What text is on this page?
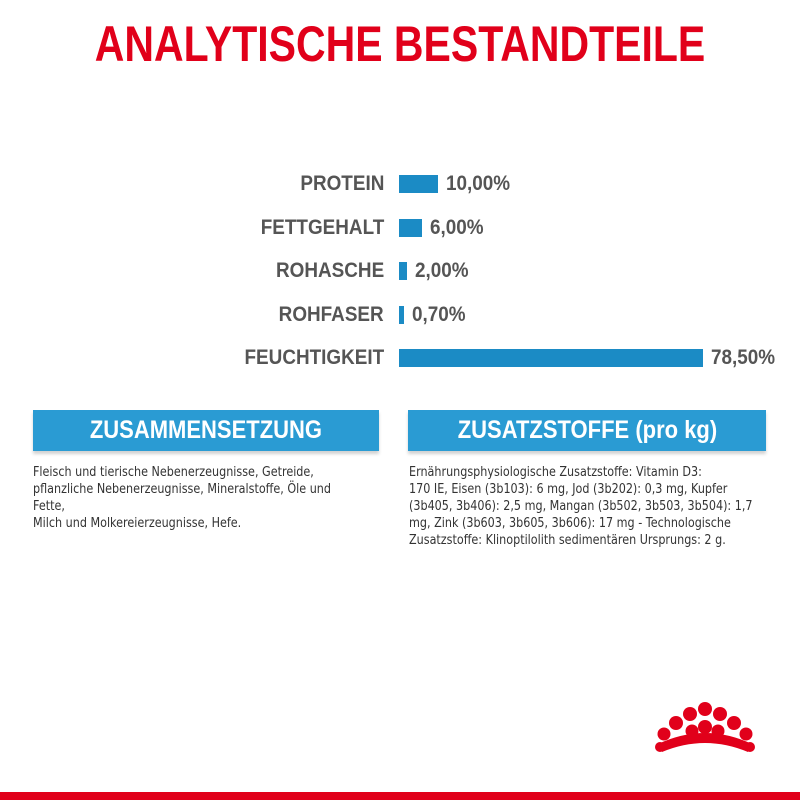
ANALYTISCHE BESTANDTEILE
PROTEIN	10,00%
FETTGEHALT 6,00%
ROHASCHE 2,00%
ROHFASER 0,70%
FEUCHTIGKEIT	78,50%
ZUSAMMENSETZUNG	ZUSATZSTOFFE (pro kg)
Fleisch und tierische Nebenerzeugnisse, Getreide,
pflanzliche Nebenerzeugnisse, Mineralstoffe, Öle und Fette,
Milch und Molkereierzeugnisse, Hefe.
Ernährungsphysiologische Zusatzstoffe: Vitamin D3:
170 IE, Eisen (3b103): 6 mg, Jod (3b202): 0,3 mg, Kupfer
(3b405, 3b406): 2,5 mg, Mangan (3b502, 3b503, 3b504): 1,7
mg, Zink (3b603, 3b605, 3b606): 17 mg - Technologische
Zusatzstoffe: Klinoptilolith sedimentären Ursprungs: 2 g.
